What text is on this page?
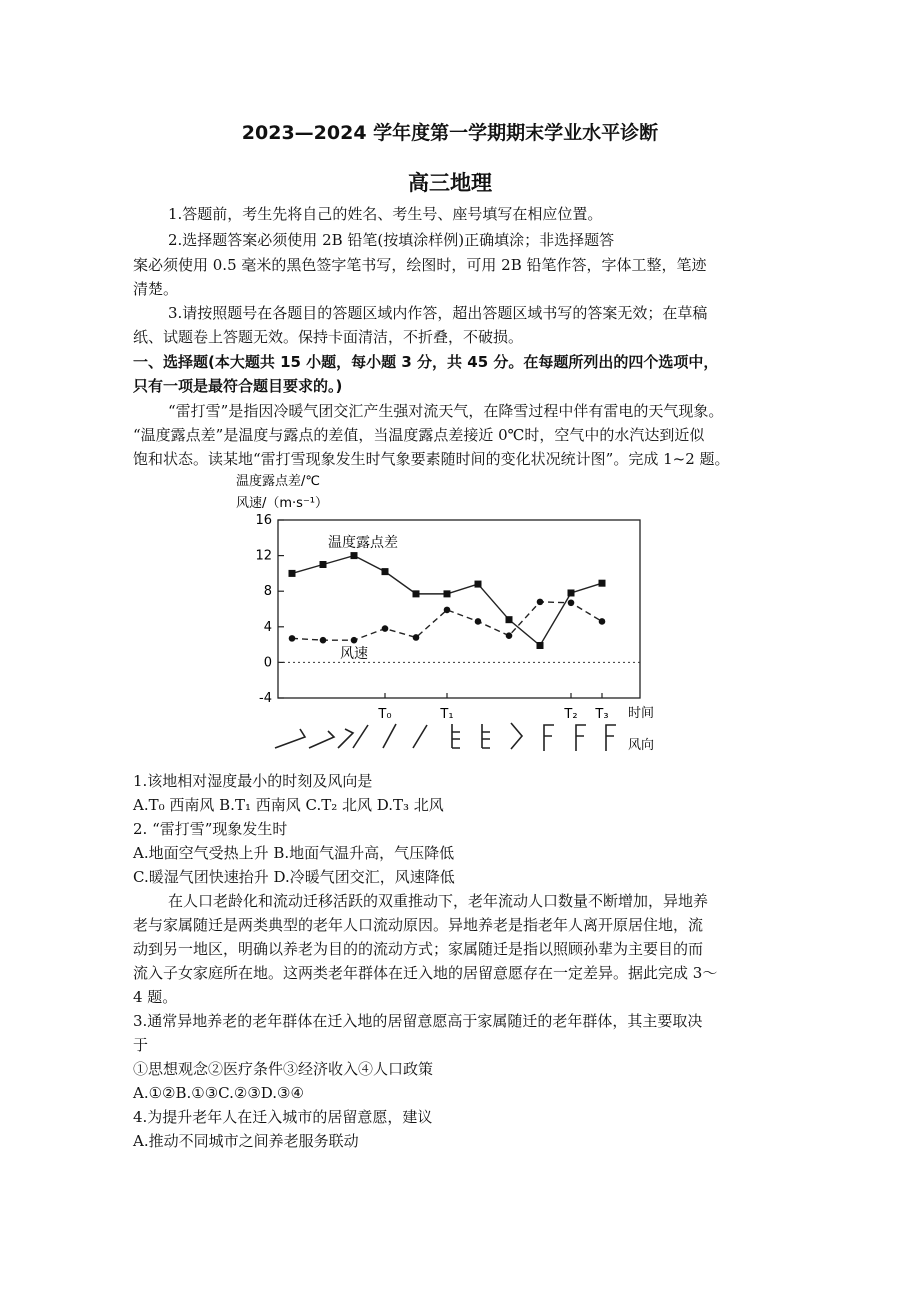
2023—2024 学年度第一学期期末学业水平诊断
高三地理
1.答题前，考生先将自己的姓名、考生号、座号填写在相应位置。
2.选择题答案必须使用 2B 铅笔(按填涂样例)正确填涂；非选择题答
案必须使用 0.5 毫米的黑色签字笔书写，绘图时，可用 2B 铅笔作答，字体工整，笔迹
清楚。
3.请按照题号在各题目的答题区域内作答，超出答题区域书写的答案无效；在草稿
纸、试题卷上答题无效。保持卡面清洁，不折叠，不破损。
一、选择题(本大题共 15 小题，每小题 3 分，共 45 分。在每题所列出的四个选项中，
只有一项是最符合题目要求的。)
“雷打雪”是指因冷暖气团交汇产生强对流天气，在降雪过程中伴有雷电的天气现象。
“温度露点差”是温度与露点的差值，当温度露点差接近 0℃时，空气中的水汽达到近似
饱和状态。读某地“雷打雪现象发生时气象要素随时间的变化状况统计图”。完成 1~2 题。
温度露点差/℃
风速/（m·s⁻¹）
16
12
8
4
0
-4
温度露点差
风速
T₀	T₁	T₂ T₃ 时间
风向
1.该地相对湿度最小的时刻及风向是
A.T₀ 西南风 B.T₁ 西南风 C.T₂ 北风 D.T₃ 北风
2. “雷打雪”现象发生时
A.地面空气受热上升 B.地面气温升高，气压降低
C.暖湿气团快速抬升 D.冷暖气团交汇，风速降低
在人口老龄化和流动迁移活跃的双重推动下，老年流动人口数量不断增加，异地养
老与家属随迁是两类典型的老年人口流动原因。异地养老是指老年人离开原居住地，流
动到另一地区，明确以养老为目的的流动方式；家属随迁是指以照顾孙辈为主要目的而
流入子女家庭所在地。这两类老年群体在迁入地的居留意愿存在一定差异。据此完成 3～
4 题。
3.通常异地养老的老年群体在迁入地的居留意愿高于家属随迁的老年群体，其主要取决
于
①思想观念②医疗条件③经济收入④人口政策
A.①②B.①③C.②③D.③④
4.为提升老年人在迁入城市的居留意愿，建议
A.推动不同城市之间养老服务联动
